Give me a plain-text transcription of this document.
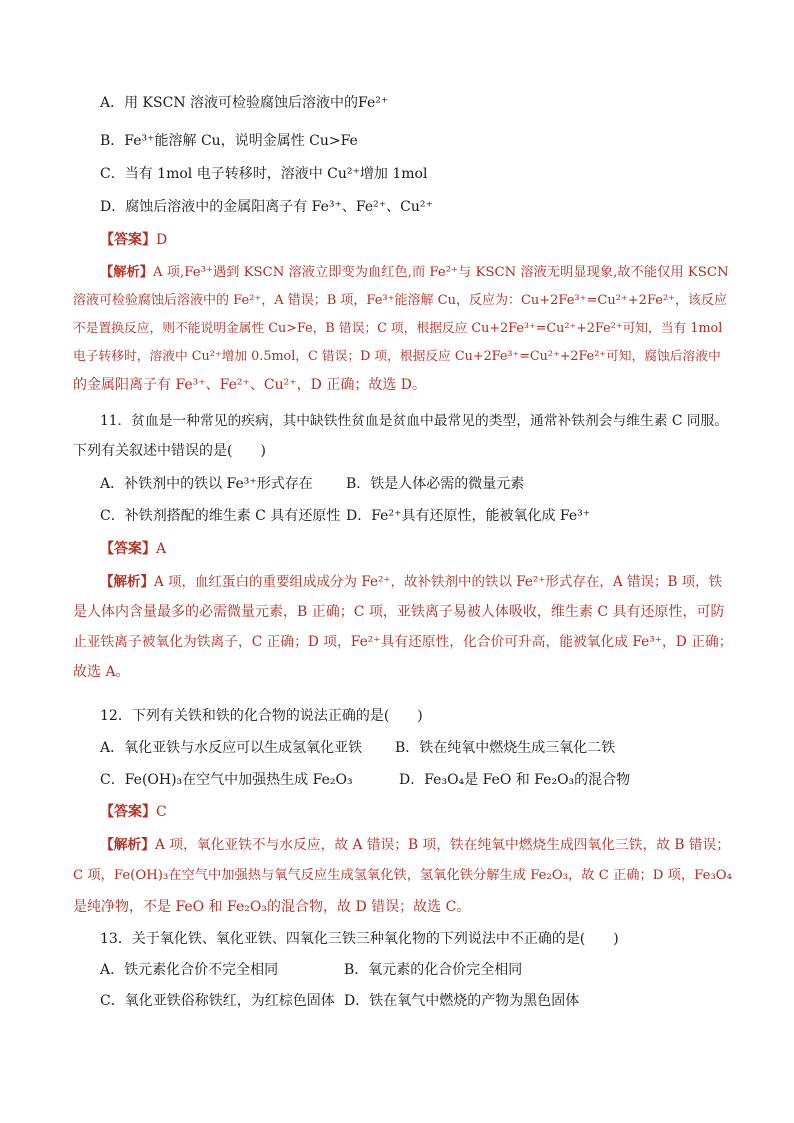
A．用 KSCN 溶液可检验腐蚀后溶液中的Fe²⁺
B．Fe³⁺能溶解 Cu，说明金属性 Cu>Fe
C．当有 1mol 电子转移时，溶液中 Cu²⁺增加 1mol
D．腐蚀后溶液中的金属阳离子有 Fe³⁺、Fe²⁺、Cu²⁺
【答案】D
【解析】A 项,Fe³⁺遇到 KSCN 溶液立即变为血红色,而 Fe²⁺与 KSCN 溶液无明显现象,故不能仅用 KSCN
溶液可检验腐蚀后溶液中的 Fe²⁺，A 错误；B 项，Fe³⁺能溶解 Cu，反应为：Cu+2Fe³⁺=Cu²⁺+2Fe²⁺，该反应
不是置换反应，则不能说明金属性 Cu>Fe，B 错误；C 项，根据反应 Cu+2Fe³⁺=Cu²⁺+2Fe²⁺可知，当有 1mol
电子转移时，溶液中 Cu²⁺增加 0.5mol，C 错误；D 项，根据反应 Cu+2Fe³⁺=Cu²⁺+2Fe²⁺可知，腐蚀后溶液中
的金属阳离子有 Fe³⁺、Fe²⁺、Cu²⁺，D 正确；故选 D。
11．贫血是一种常见的疾病，其中缺铁性贫血是贫血中最常见的类型，通常补铁剂会与维生素 C 同服。
下列有关叙述中错误的是(　　)
A．补铁剂中的铁以 Fe³⁺形式存在 B．铁是人体必需的微量元素
C．补铁剂搭配的维生素 C 具有还原性 D．Fe²⁺具有还原性，能被氧化成 Fe³⁺
【答案】A
【解析】A 项，血红蛋白的重要组成成分为 Fe²⁺，故补铁剂中的铁以 Fe²⁺形式存在，A 错误；B 项，铁
是人体内含量最多的必需微量元素，B 正确；C 项，亚铁离子易被人体吸收，维生素 C 具有还原性，可防
止亚铁离子被氧化为铁离子，C 正确；D 项，Fe²⁺具有还原性，化合价可升高，能被氧化成 Fe³⁺，D 正确；
故选 A。
12．下列有关铁和铁的化合物的说法正确的是(　　)
A．氧化亚铁与水反应可以生成氢氧化亚铁 B．铁在纯氧中燃烧生成三氧化二铁
C．Fe(OH)₃在空气中加强热生成 Fe₂O₃	D．Fe₃O₄是 FeO 和 Fe₂O₃的混合物
【答案】C
【解析】A 项，氧化亚铁不与水反应，故 A 错误；B 项，铁在纯氧中燃烧生成四氧化三铁，故 B 错误；
C 项，Fe(OH)₃在空气中加强热与氧气反应生成氢氧化铁，氢氧化铁分解生成 Fe₂O₃，故 C 正确；D 项，Fe₃O₄
是纯净物，不是 FeO 和 Fe₂O₃的混合物，故 D 错误；故选 C。
13．关于氧化铁、氧化亚铁、四氧化三铁三种氧化物的下列说法中不正确的是(　　)
A．铁元素化合价不完全相同	B．氧元素的化合价完全相同
C．氧化亚铁俗称铁红，为红棕色固体 D．铁在氧气中燃烧的产物为黑色固体
